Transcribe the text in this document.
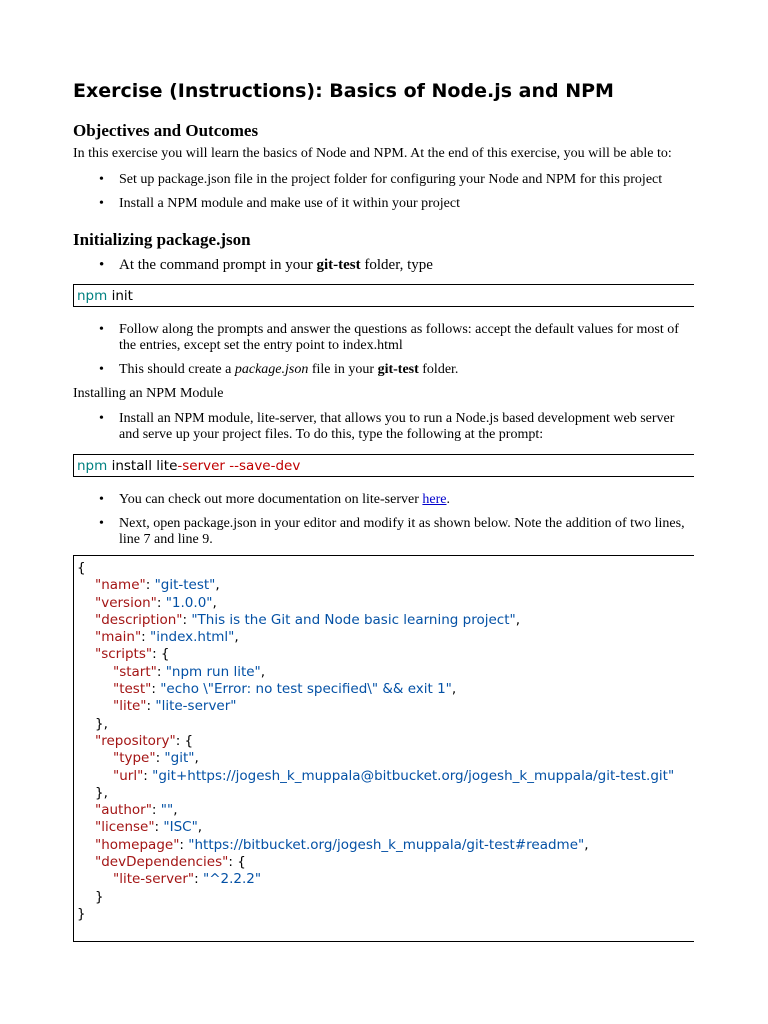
Exercise (Instructions): Basics of Node.js and NPM
Objectives and Outcomes
In this exercise you will learn the basics of Node and NPM. At the end of this exercise, you will be able to:
• Set up package.json file in the project folder for configuring your Node and NPM for this project
• Install a NPM module and make use of it within your project
Initializing package.json
• At the command prompt in your git-test folder, type
npm init
• Follow along the prompts and answer the questions as follows: accept the default values for most of the entries, except set the entry point to index.html
• This should create a package.json file in your git-test folder.
Installing an NPM Module
• Install an NPM module, lite-server, that allows you to run a Node.js based development web server and serve up your project files. To do this, type the following at the prompt:
npm install lite-server --save-dev
• You can check out more documentation on lite-server here.
• Next, open package.json in your editor and modify it as shown below. Note the addition of two lines, line 7 and line 9.
{
"name": "git-test",
"version": "1.0.0",
"description": "This is the Git and Node basic learning project",
"main": "index.html",
"scripts": {
"start": "npm run lite",
"test": "echo \"Error: no test specified\" && exit 1",
"lite": "lite-server"
},
"repository": {
"type": "git",
"url": "git+https://jogesh_k_muppala@bitbucket.org/jogesh_k_muppala/git-test.git"
},
"author": "",
"license": "ISC",
"homepage": "https://bitbucket.org/jogesh_k_muppala/git-test#readme",
"devDependencies": {
"lite-server": "^2.2.2"
}
}
